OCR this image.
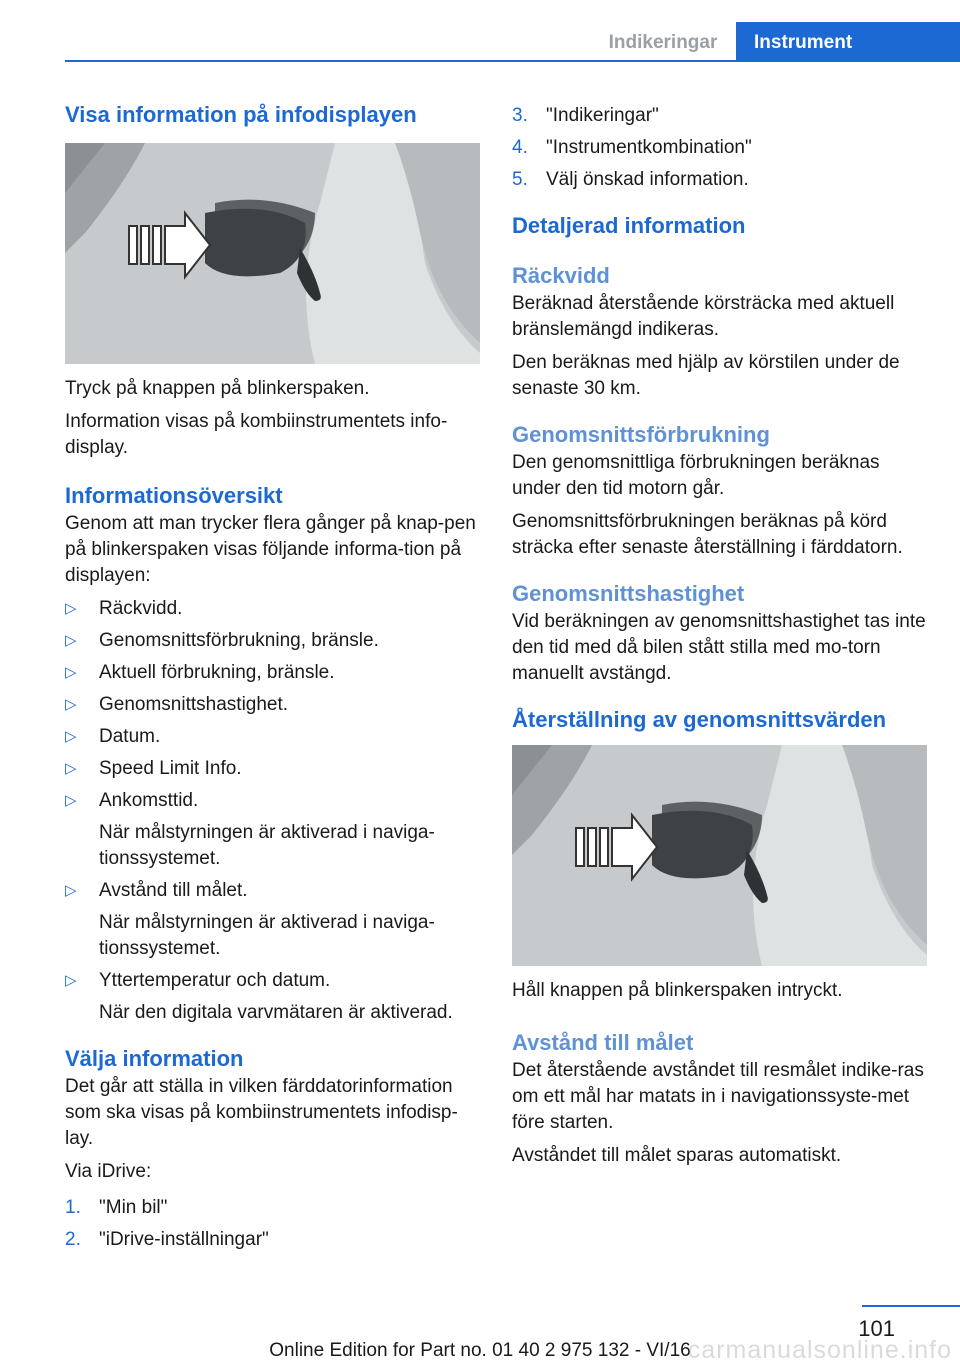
Indikeringar	Instrument
Visa information på infodisplayen

Tryck på knappen på blinkerspaken.

Information visas på kombiinstrumentets info-display.

Informationsöversikt

Genom att man trycker flera gånger på knap-pen på blinkerspaken visas följande informa-tion på displayen:

▷ Räckvidd.
▷ Genomsnittsförbrukning, bränsle.
▷ Aktuell förbrukning, bränsle.
▷ Genomsnittshastighet.
▷ Datum.
▷ Speed Limit Info.
▷ Ankomsttid.
När målstyrningen är aktiverad i naviga-tionssystemet.
▷ Avstånd till målet.
När målstyrningen är aktiverad i naviga-tionssystemet.
▷ Yttertemperatur och datum.
När den digitala varvmätaren är aktiverad.
Välja information

Det går att ställa in vilken färddatorinformation som ska visas på kombiinstrumentets infodisp-lay.

Via iDrive:

1. "Min bil"
2. "iDrive-inställningar"
3. "Indikeringar"
4. "Instrumentkombination"
5. Välj önskad information.
Detaljerad information
Räckvidd

Beräknad återstående körsträcka med aktuell bränslemängd indikeras.

Den beräknas med hjälp av körstilen under de senaste 30 km.

Genomsnittsförbrukning

Den genomsnittliga förbrukningen beräknas under den tid motorn går.

Genomsnittsförbrukningen beräknas på körd sträcka efter senaste återställning i färddatorn.

Genomsnittshastighet

Vid beräkningen av genomsnittshastighet tas inte den tid med då bilen stått stilla med mo-torn manuellt avstängd.

Återställning av genomsnittsvärden

Håll knappen på blinkerspaken intryckt.

Avstånd till målet

Det återstående avståndet till resmålet indike-ras om ett mål har matats in i navigationssyste-met före starten.

Avståndet till målet sparas automatiskt.

101
Online Edition for Part no. 01 40 2 975 132 - VI/16
carmanualsonline.info
